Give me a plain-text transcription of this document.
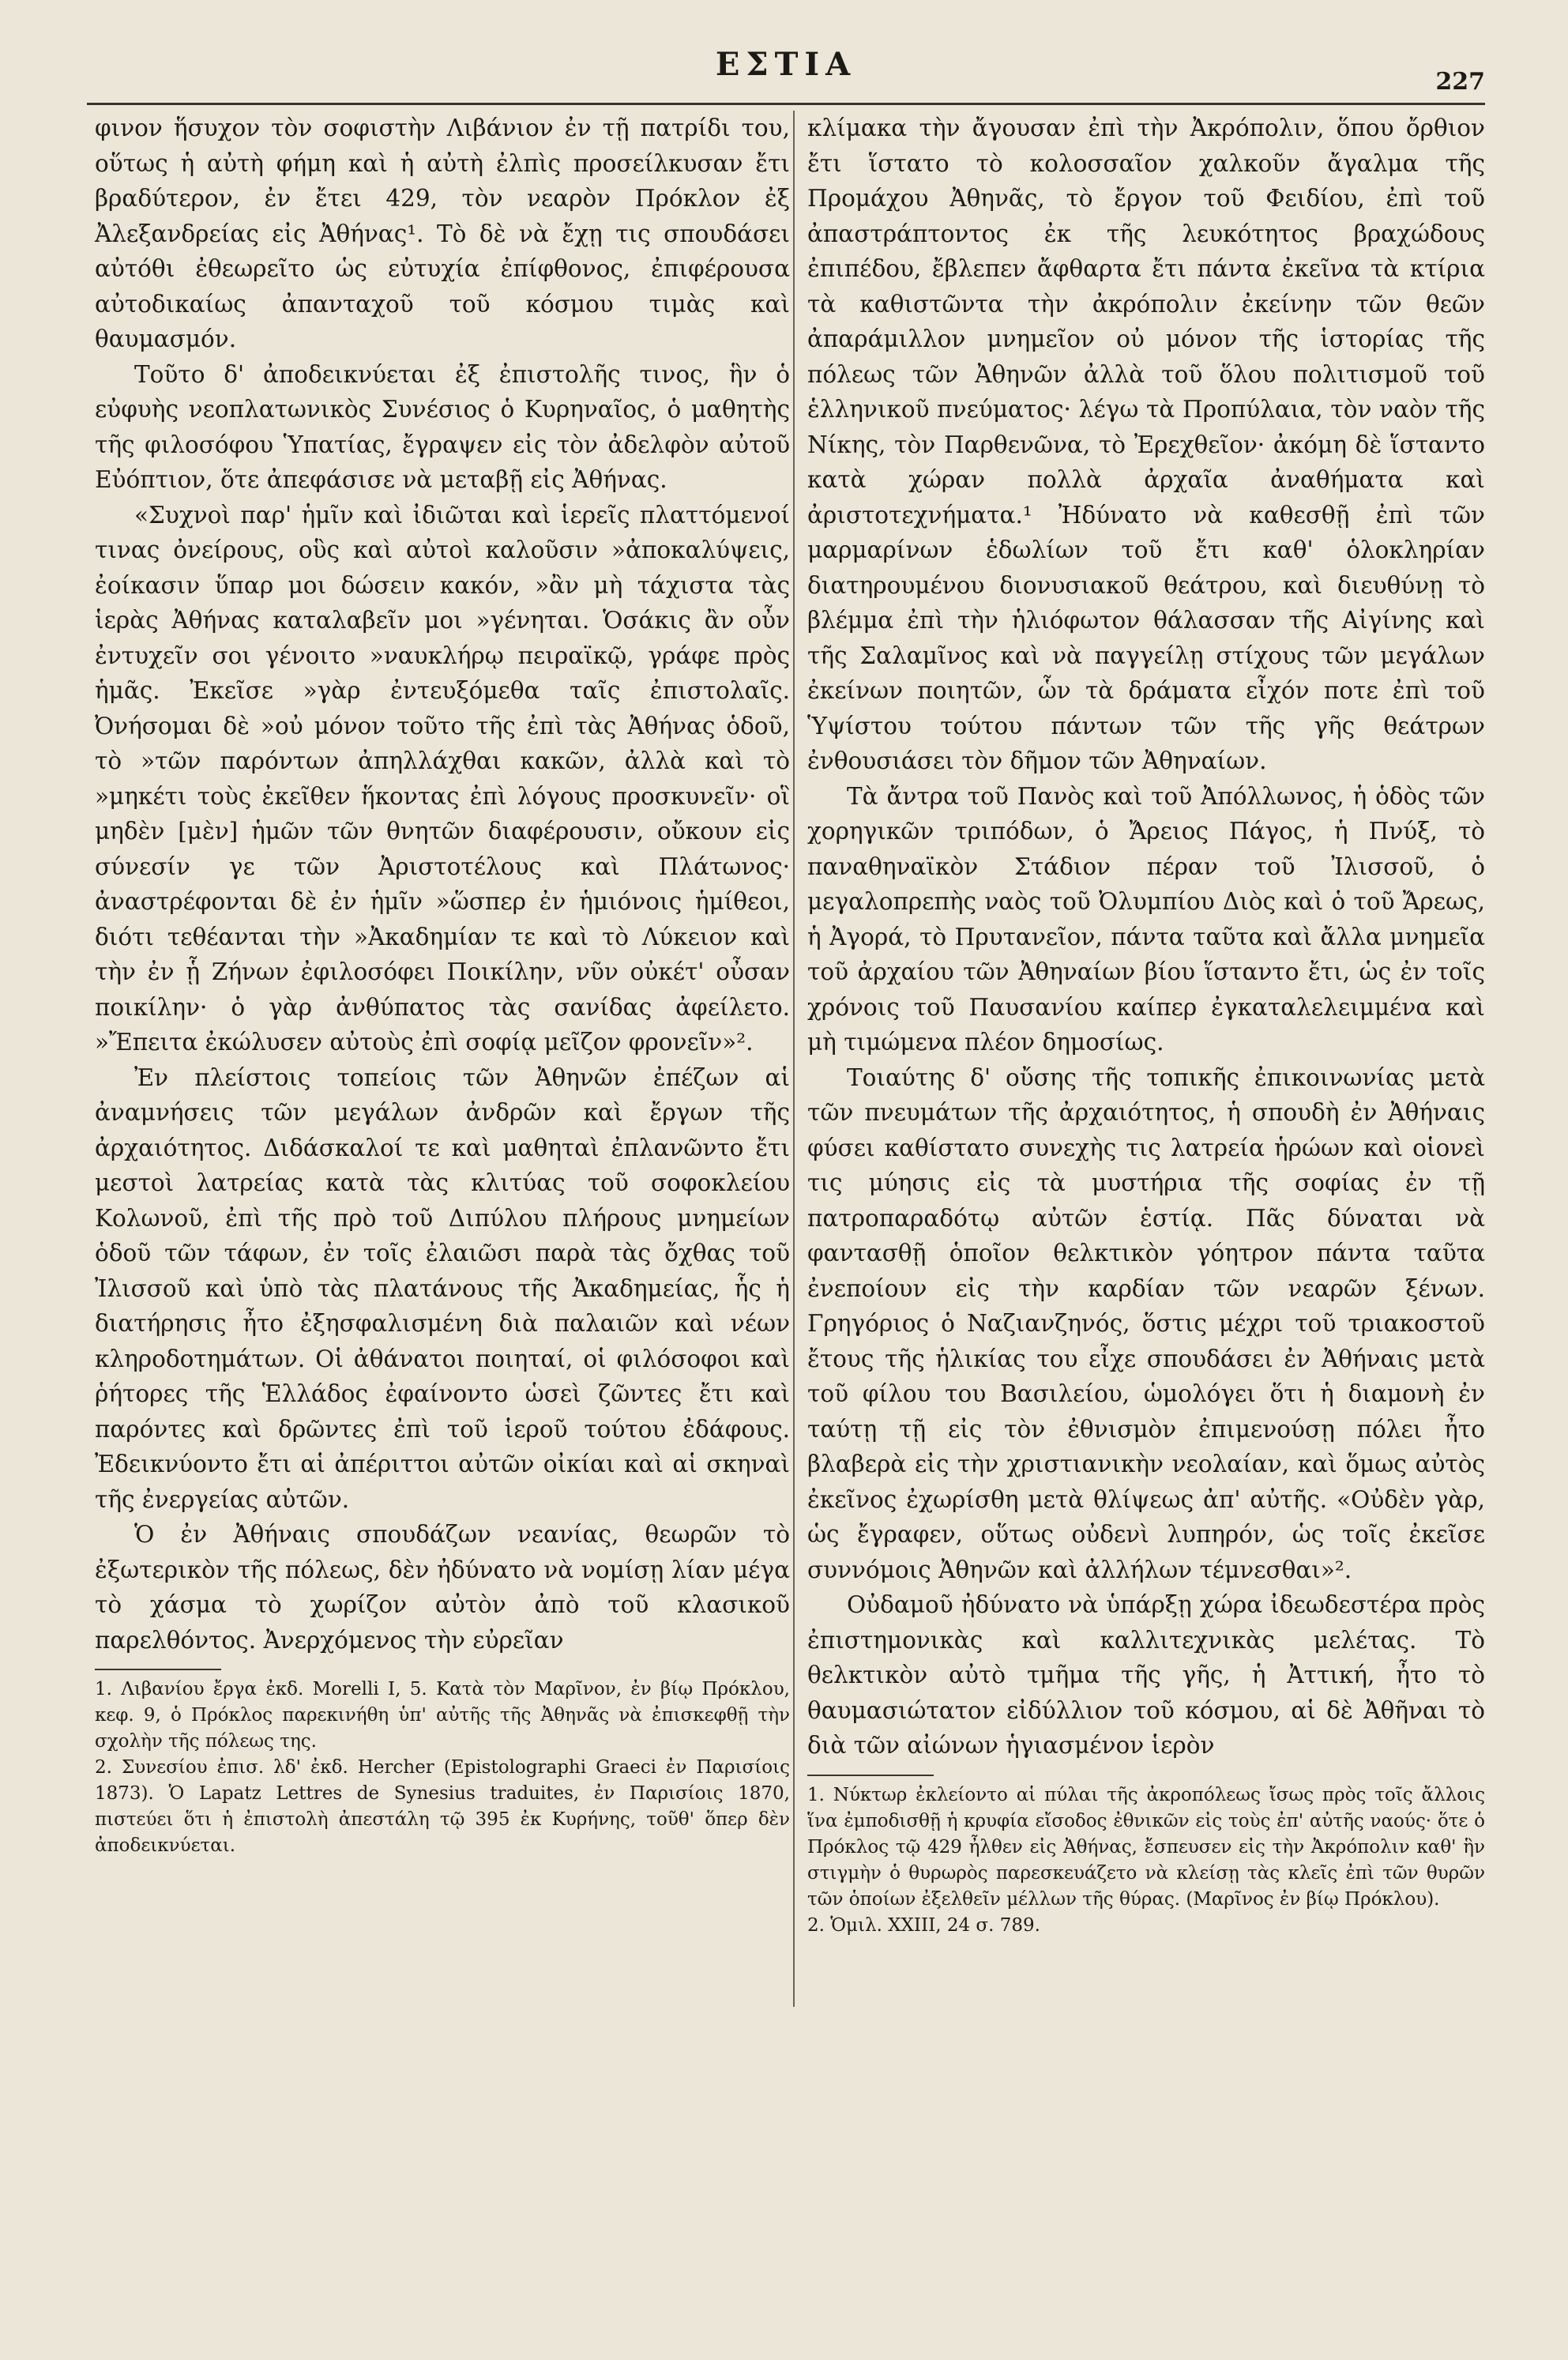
ΕΣΤΙΑ	227

φινον ἥσυχον τὸν σοφιστὴν Λιβάνιον ἐν τῇ πατρίδι του, οὕτως ἡ αὐτὴ φήμη καὶ ἡ αὐτὴ ἐλπὶς προσείλκυσαν ἔτι βραδύτερον, ἐν ἔτει 429, τὸν νεαρὸν Πρόκλον ἐξ Ἀλεξανδρείας εἰς Ἀθήνας¹. Τὸ δὲ νὰ ἔχῃ τις σπουδάσει αὐτόθι ἐθεωρεῖτο ὡς εὐτυχία ἐπίφθονος, ἐπιφέρουσα αὐτοδικαίως ἀπανταχοῦ τοῦ κόσμου τιμὰς καὶ θαυμασμόν.

Τοῦτο δ' ἀποδεικνύεται ἐξ ἐπιστολῆς τινος, ἣν ὁ εὐφυὴς νεοπλατωνικὸς Συνέσιος ὁ Κυρηναῖος, ὁ μαθητὴς τῆς φιλοσόφου Ὑπατίας, ἔγραψεν εἰς τὸν ἀδελφὸν αὐτοῦ Εὐόπτιον, ὅτε ἀπεφάσισε νὰ μεταβῇ εἰς Ἀθήνας.

«Συχνοὶ παρ' ἡμῖν καὶ ἰδιῶται καὶ ἱερεῖς πλαττόμενοί τινας ὀνείρους, οὓς καὶ αὐτοὶ καλοῦσιν »ἀποκαλύψεις, ἐοίκασιν ὕπαρ μοι δώσειν κακόν, »ἂν μὴ τάχιστα τὰς ἱερὰς Ἀθήνας καταλαβεῖν μοι »γένηται. Ὁσάκις ἂν οὖν ἐντυχεῖν σοι γένοιτο »ναυκλήρῳ πειραϊκῷ, γράφε πρὸς ἡμᾶς. Ἐκεῖσε »γὰρ ἐντευξόμεθα ταῖς ἐπιστολαῖς. Ὀνήσομαι δὲ »οὐ μόνον τοῦτο τῆς ἐπὶ τὰς Ἀθήνας ὁδοῦ, τὸ »τῶν παρόντων ἀπηλλάχθαι κακῶν, ἀλλὰ καὶ τὸ »μηκέτι τοὺς ἐκεῖθεν ἥκοντας ἐπὶ λόγους προσκυνεῖν· οἳ μηδὲν [μὲν] ἡμῶν τῶν θνητῶν διαφέρουσιν, οὔκουν εἰς σύνεσίν γε τῶν Ἀριστοτέλους καὶ Πλάτωνος· ἀναστρέφονται δὲ ἐν ἡμῖν »ὥσπερ ἐν ἡμιόνοις ἡμίθεοι, διότι τεθέανται τὴν »Ἀκαδημίαν τε καὶ τὸ Λύκειον καὶ τὴν ἐν ᾗ Ζήνων ἐφιλοσόφει Ποικίλην, νῦν οὐκέτ' οὖσαν ποικίλην· ὁ γὰρ ἀνθύπατος τὰς σανίδας ἀφείλετο. »Ἔπειτα ἐκώλυσεν αὐτοὺς ἐπὶ σοφίᾳ μεῖζον φρονεῖν»².

Ἐν πλείστοις τοπείοις τῶν Ἀθηνῶν ἐπέζων αἱ ἀναμνήσεις τῶν μεγάλων ἀνδρῶν καὶ ἔργων τῆς ἀρχαιότητος. Διδάσκαλοί τε καὶ μαθηταὶ ἐπλανῶντο ἔτι μεστοὶ λατρείας κατὰ τὰς κλιτύας τοῦ σοφοκλείου Κολωνοῦ, ἐπὶ τῆς πρὸ τοῦ Διπύλου πλήρους μνημείων ὁδοῦ τῶν τάφων, ἐν τοῖς ἐλαιῶσι παρὰ τὰς ὄχθας τοῦ Ἰλισσοῦ καὶ ὑπὸ τὰς πλατάνους τῆς Ἀκαδημείας, ἧς ἡ διατήρησις ἦτο ἐξησφαλισμένη διὰ παλαιῶν καὶ νέων κληροδοτημάτων. Οἱ ἀθάνατοι ποιηταί, οἱ φιλόσοφοι καὶ ῥήτορες τῆς Ἑλλάδος ἐφαίνοντο ὡσεὶ ζῶντες ἔτι καὶ παρόντες καὶ δρῶντες ἐπὶ τοῦ ἱεροῦ τούτου ἐδάφους. Ἐδεικνύοντο ἔτι αἱ ἀπέριττοι αὐτῶν οἰκίαι καὶ αἱ σκηναὶ τῆς ἐνεργείας αὐτῶν.

Ὁ ἐν Ἀθήναις σπουδάζων νεανίας, θεωρῶν τὸ ἐξωτερικὸν τῆς πόλεως, δὲν ἠδύνατο νὰ νομίσῃ λίαν μέγα τὸ χάσμα τὸ χωρίζον αὐτὸν ἀπὸ τοῦ κλασικοῦ παρελθόντος. Ἀνερχόμενος τὴν εὐρεῖαν

1. Λιβανίου ἔργα ἐκδ. Morelli I, 5. Κατὰ τὸν Μαρῖνον, ἐν βίῳ Πρόκλου, κεφ. 9, ὁ Πρόκλος παρεκινήθη ὑπ' αὐτῆς τῆς Ἀθηνᾶς νὰ ἐπισκεφθῇ τὴν σχολὴν τῆς πόλεως της.

2. Συνεσίου ἐπισ. λδ' ἐκδ. Hercher (Epistolographi Graeci ἐν Παρισίοις 1873). Ὁ Lapatz Lettres de Synesius traduites, ἐν Παρισίοις 1870, πιστεύει ὅτι ἡ ἐπιστολὴ ἀπεστάλη τῷ 395 ἐκ Κυρήνης, τοῦθ' ὅπερ δὲν ἀποδεικνύεται.

κλίμακα τὴν ἄγουσαν ἐπὶ τὴν Ἀκρόπολιν, ὅπου ὄρθιον ἔτι ἵστατο τὸ κολοσσαῖον χαλκοῦν ἄγαλμα τῆς Προμάχου Ἀθηνᾶς, τὸ ἔργον τοῦ Φειδίου, ἐπὶ τοῦ ἀπαστράπτοντος ἐκ τῆς λευκότητος βραχώδους ἐπιπέδου, ἔβλεπεν ἄφθαρτα ἔτι πάντα ἐκεῖνα τὰ κτίρια τὰ καθιστῶντα τὴν ἀκρόπολιν ἐκείνην τῶν θεῶν ἀπαράμιλλον μνημεῖον οὐ μόνον τῆς ἱστορίας τῆς πόλεως τῶν Ἀθηνῶν ἀλλὰ τοῦ ὅλου πολιτισμοῦ τοῦ ἑλληνικοῦ πνεύματος· λέγω τὰ Προπύλαια, τὸν ναὸν τῆς Νίκης, τὸν Παρθενῶνα, τὸ Ἐρεχθεῖον· ἀκόμη δὲ ἵσταντο κατὰ χώραν πολλὰ ἀρχαῖα ἀναθήματα καὶ ἀριστοτεχνήματα.¹ Ἠδύνατο νὰ καθεσθῇ ἐπὶ τῶν μαρμαρίνων ἑδωλίων τοῦ ἔτι καθ' ὁλοκληρίαν διατηρουμένου διονυσιακοῦ θεάτρου, καὶ διευθύνῃ τὸ βλέμμα ἐπὶ τὴν ἡλιόφωτον θάλασσαν τῆς Αἰγίνης καὶ τῆς Σαλαμῖνος καὶ νὰ παγγείλῃ στίχους τῶν μεγάλων ἐκείνων ποιητῶν, ὧν τὰ δράματα εἶχόν ποτε ἐπὶ τοῦ Ὑψίστου τούτου πάντων τῶν τῆς γῆς θεάτρων ἐνθουσιάσει τὸν δῆμον τῶν Ἀθηναίων.

Τὰ ἄντρα τοῦ Πανὸς καὶ τοῦ Ἀπόλλωνος, ἡ ὁδὸς τῶν χορηγικῶν τριπόδων, ὁ Ἄρειος Πάγος, ἡ Πνύξ, τὸ παναθηναϊκὸν Στάδιον πέραν τοῦ Ἰλισσοῦ, ὁ μεγαλοπρεπὴς ναὸς τοῦ Ὀλυμπίου Διὸς καὶ ὁ τοῦ Ἄρεως, ἡ Ἀγορά, τὸ Πρυτανεῖον, πάντα ταῦτα καὶ ἄλλα μνημεῖα τοῦ ἀρχαίου τῶν Ἀθηναίων βίου ἵσταντο ἔτι, ὡς ἐν τοῖς χρόνοις τοῦ Παυσανίου καίπερ ἐγκαταλελειμμένα καὶ μὴ τιμώμενα πλέον δημοσίως.

Τοιαύτης δ' οὔσης τῆς τοπικῆς ἐπικοινωνίας μετὰ τῶν πνευμάτων τῆς ἀρχαιότητος, ἡ σπουδὴ ἐν Ἀθήναις φύσει καθίστατο συνεχὴς τις λατρεία ἡρώων καὶ οἱονεὶ τις μύησις εἰς τὰ μυστήρια τῆς σοφίας ἐν τῇ πατροπαραδότῳ αὐτῶν ἑστίᾳ. Πᾶς δύναται νὰ φαντασθῇ ὁποῖον θελκτικὸν γόητρον πάντα ταῦτα ἐνεποίουν εἰς τὴν καρδίαν τῶν νεαρῶν ξένων. Γρηγόριος ὁ Ναζιανζηνός, ὅστις μέχρι τοῦ τριακοστοῦ ἔτους τῆς ἡλικίας του εἶχε σπουδάσει ἐν Ἀθήναις μετὰ τοῦ φίλου του Βασιλείου, ὡμολόγει ὅτι ἡ διαμονὴ ἐν ταύτῃ τῇ εἰς τὸν ἐθνισμὸν ἐπιμενούσῃ πόλει ἦτο βλαβερὰ εἰς τὴν χριστιανικὴν νεολαίαν, καὶ ὅμως αὐτὸς ἐκεῖνος ἐχωρίσθη μετὰ θλίψεως ἀπ' αὐτῆς. «Οὐδὲν γὰρ, ὡς ἔγραφεν, οὕτως οὐδενὶ λυπηρόν, ὡς τοῖς ἐκεῖσε συννόμοις Ἀθηνῶν καὶ ἀλλήλων τέμνεσθαι»².

Οὐδαμοῦ ἠδύνατο νὰ ὑπάρξῃ χώρα ἰδεωδεστέρα πρὸς ἐπιστημονικὰς καὶ καλλιτεχνικὰς μελέτας. Τὸ θελκτικὸν αὐτὸ τμῆμα τῆς γῆς, ἡ Ἀττική, ἦτο τὸ θαυμασιώτατον εἰδύλλιον τοῦ κόσμου, αἱ δὲ Ἀθῆναι τὸ διὰ τῶν αἰώνων ἡγιασμένον ἱερὸν

1. Νύκτωρ ἐκλείοντο αἱ πύλαι τῆς ἀκροπόλεως ἴσως πρὸς τοῖς ἄλλοις ἵνα ἐμποδισθῇ ἡ κρυφία εἴσοδος ἐθνικῶν εἰς τοὺς ἐπ' αὐτῆς ναούς· ὅτε ὁ Πρόκλος τῷ 429 ἦλθεν εἰς Ἀθήνας, ἔσπευσεν εἰς τὴν Ἀκρόπολιν καθ' ἣν στιγμὴν ὁ θυρωρὸς παρεσκευάζετο νὰ κλείσῃ τὰς κλεῖς ἐπὶ τῶν θυρῶν τῶν ὁποίων ἐξελθεῖν μέλλων τῆς θύρας. (Μαρῖνος ἐν βίῳ Πρόκλου).

2. Ὁμιλ. XXIII, 24 σ. 789.
